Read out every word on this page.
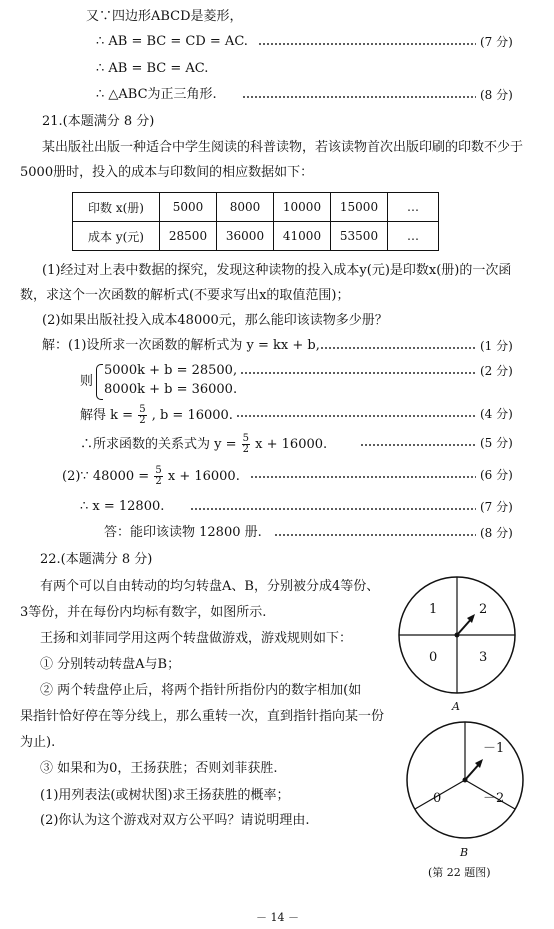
又∵四边形ABCD是菱形，
∴ AB = BC = CD = AC.	(7 分)
∴ AB = BC = AC.
∴ △ABC为正三角形.	(8 分)
21.(本题满分 8 分)
某出版社出版一种适合中学生阅读的科普读物，若该读物首次出版印刷的印数不少于
5000册时，投入的成本与印数间的相应数据如下：
印数 x(册)	5000	8000	10000	15000	…
成本 y(元)	28500	36000	41000	53500	…
(1)经过对上表中数据的探究，发现这种读物的投入成本y(元)是印数x(册)的一次函
数，求这个一次函数的解析式(不要求写出x的取值范围)；
(2)如果出版社投入成本48000元，那么能印该读物多少册？
解：(1)设所求一次函数的解析式为 y = kx + b,	(1 分)
则
5000k + b = 28500,	(2 分)
8000k + b = 36000.
解得 $k = \frac{5}{2}$ , b = 16000.	(4 分)
∴所求函数的关系式为 $y = \frac{5}{2}$ x + 16000.	(5 分)
(2)∵ $48000 = \frac{5}{2}$ x + 16000.	(6 分)
∴ x = 12800.	(7 分)
答：能印该读物 12800 册.	(8 分)
22.(本题满分 8 分)
有两个可以自由转动的均匀转盘A、B，分别被分成4等份、
3等份，并在每份内均标有数字，如图所示.
王扬和刘菲同学用这两个转盘做游戏，游戏规则如下：
① 分别转动转盘A与B；
② 两个转盘停止后，将两个指针所指份内的数字相加(如
果指针恰好停在等分线上，那么重转一次，直到指针指向某一份
为止).
③ 如果和为0，王扬获胜；否则刘菲获胜.
(1)用列表法(或树状图)求王扬获胜的概率；
(2)你认为这个游戏对双方公平吗？请说明理由.
1	2
0	3
A
－1
0	－2
B
(第 22 题图)
－ 14 －
